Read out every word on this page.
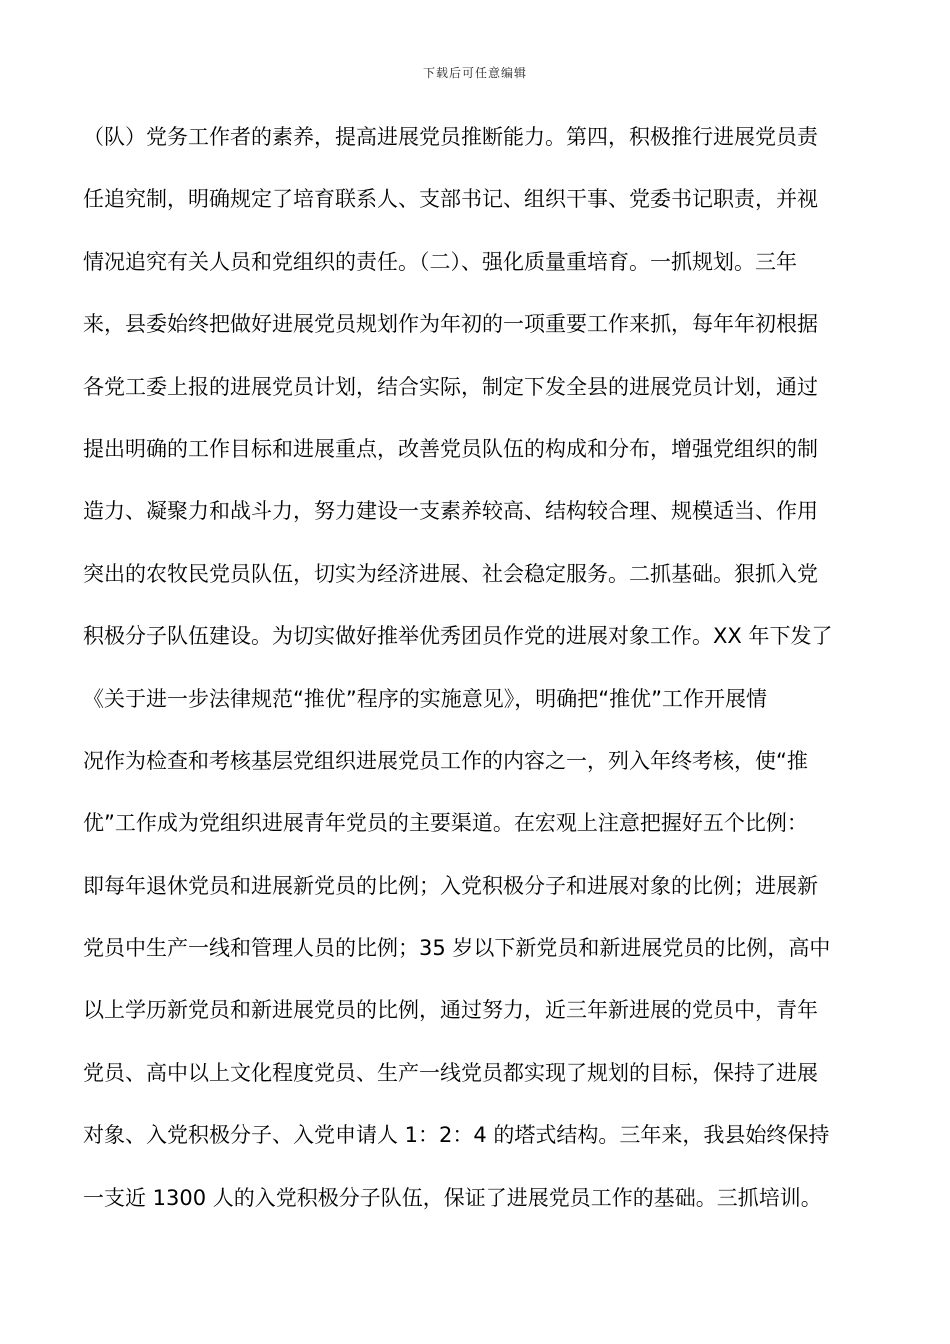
下载后可任意编辑
（队）党务工作者的素养，提高进展党员推断能力。第四，积极推行进展党员责
任追究制，明确规定了培育联系人、支部书记、组织干事、党委书记职责，并视
情况追究有关人员和党组织的责任。（二）、强化质量重培育。一抓规划。三年
来，县委始终把做好进展党员规划作为年初的一项重要工作来抓，每年年初根据
各党工委上报的进展党员计划，结合实际，制定下发全县的进展党员计划，通过
提出明确的工作目标和进展重点，改善党员队伍的构成和分布，增强党组织的制
造力、凝聚力和战斗力，努力建设一支素养较高、结构较合理、规模适当、作用
突出的农牧民党员队伍，切实为经济进展、社会稳定服务。二抓基础。狠抓入党
积极分子队伍建设。为切实做好推举优秀团员作党的进展对象工作。XX 年下发了
《关于进一步法律规范“推优”程序的实施意见》，明确把“推优”工作开展情
况作为检查和考核基层党组织进展党员工作的内容之一，列入年终考核，使“推
优”工作成为党组织进展青年党员的主要渠道。在宏观上注意把握好五个比例：
即每年退休党员和进展新党员的比例；入党积极分子和进展对象的比例；进展新
党员中生产一线和管理人员的比例；35 岁以下新党员和新进展党员的比例，高中
以上学历新党员和新进展党员的比例，通过努力，近三年新进展的党员中，青年
党员、高中以上文化程度党员、生产一线党员都实现了规划的目标，保持了进展
对象、入党积极分子、入党申请人 1：2：4 的塔式结构。三年来，我县始终保持
一支近 1300 人的入党积极分子队伍，保证了进展党员工作的基础。三抓培训。
